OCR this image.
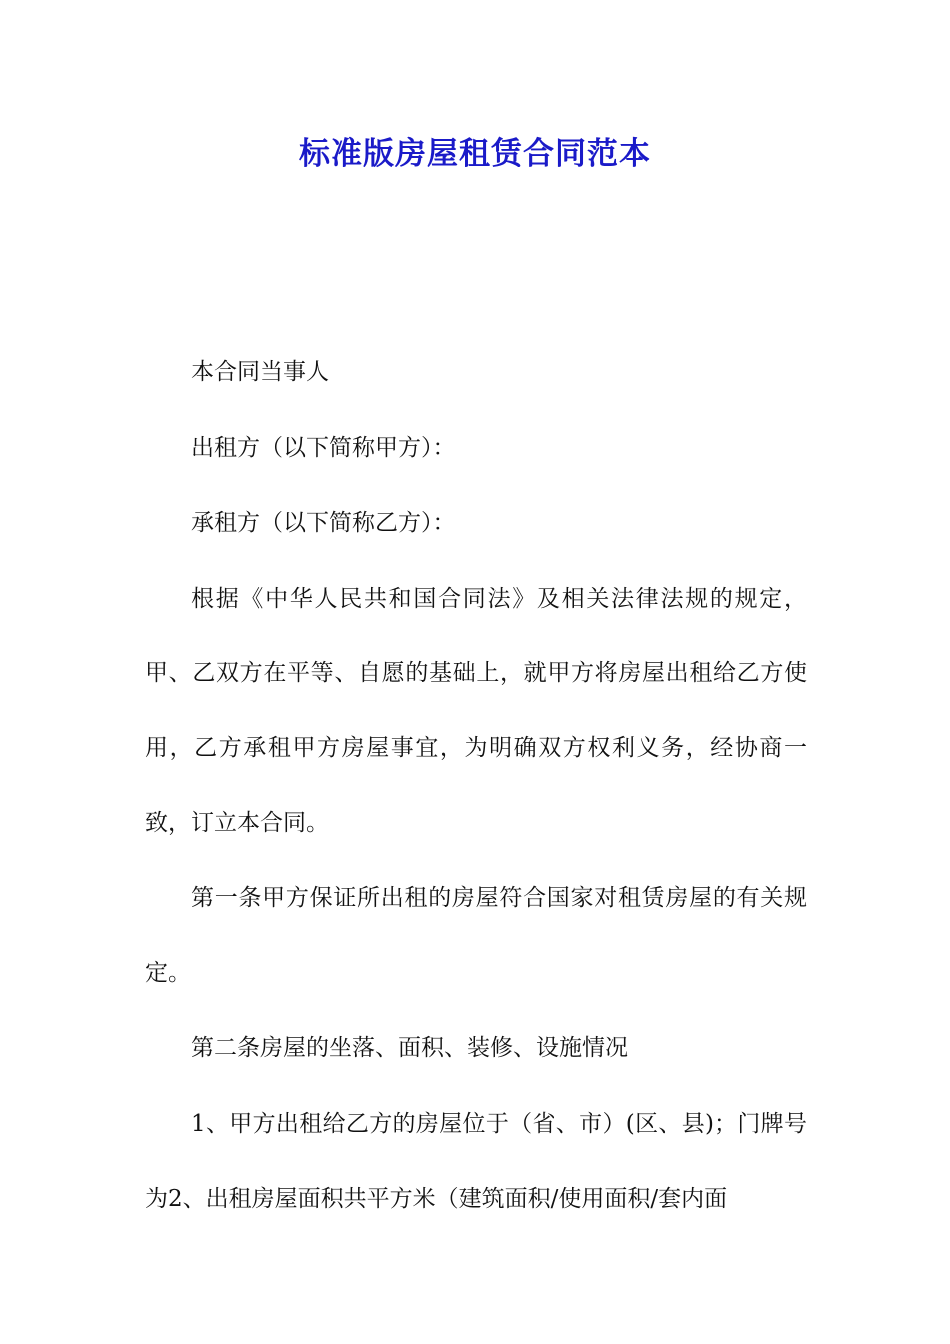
标准版房屋租赁合同范本

本合同当事人

出租方（以下简称甲方）：

承租方（以下简称乙方）：

根据《中华人民共和国合同法》及相关法律法规的规定，甲、乙双方在平等、自愿的基础上，就甲方将房屋出租给乙方使用，乙方承租甲方房屋事宜，为明确双方权利义务，经协商一致，订立本合同。

第一条甲方保证所出租的房屋符合国家对租赁房屋的有关规定。

第二条房屋的坐落、面积、装修、设施情况

1、甲方出租给乙方的房屋位于（省、市）(区、县)；门牌号为2、出租房屋面积共平方米（建筑面积/使用面积/套内面
